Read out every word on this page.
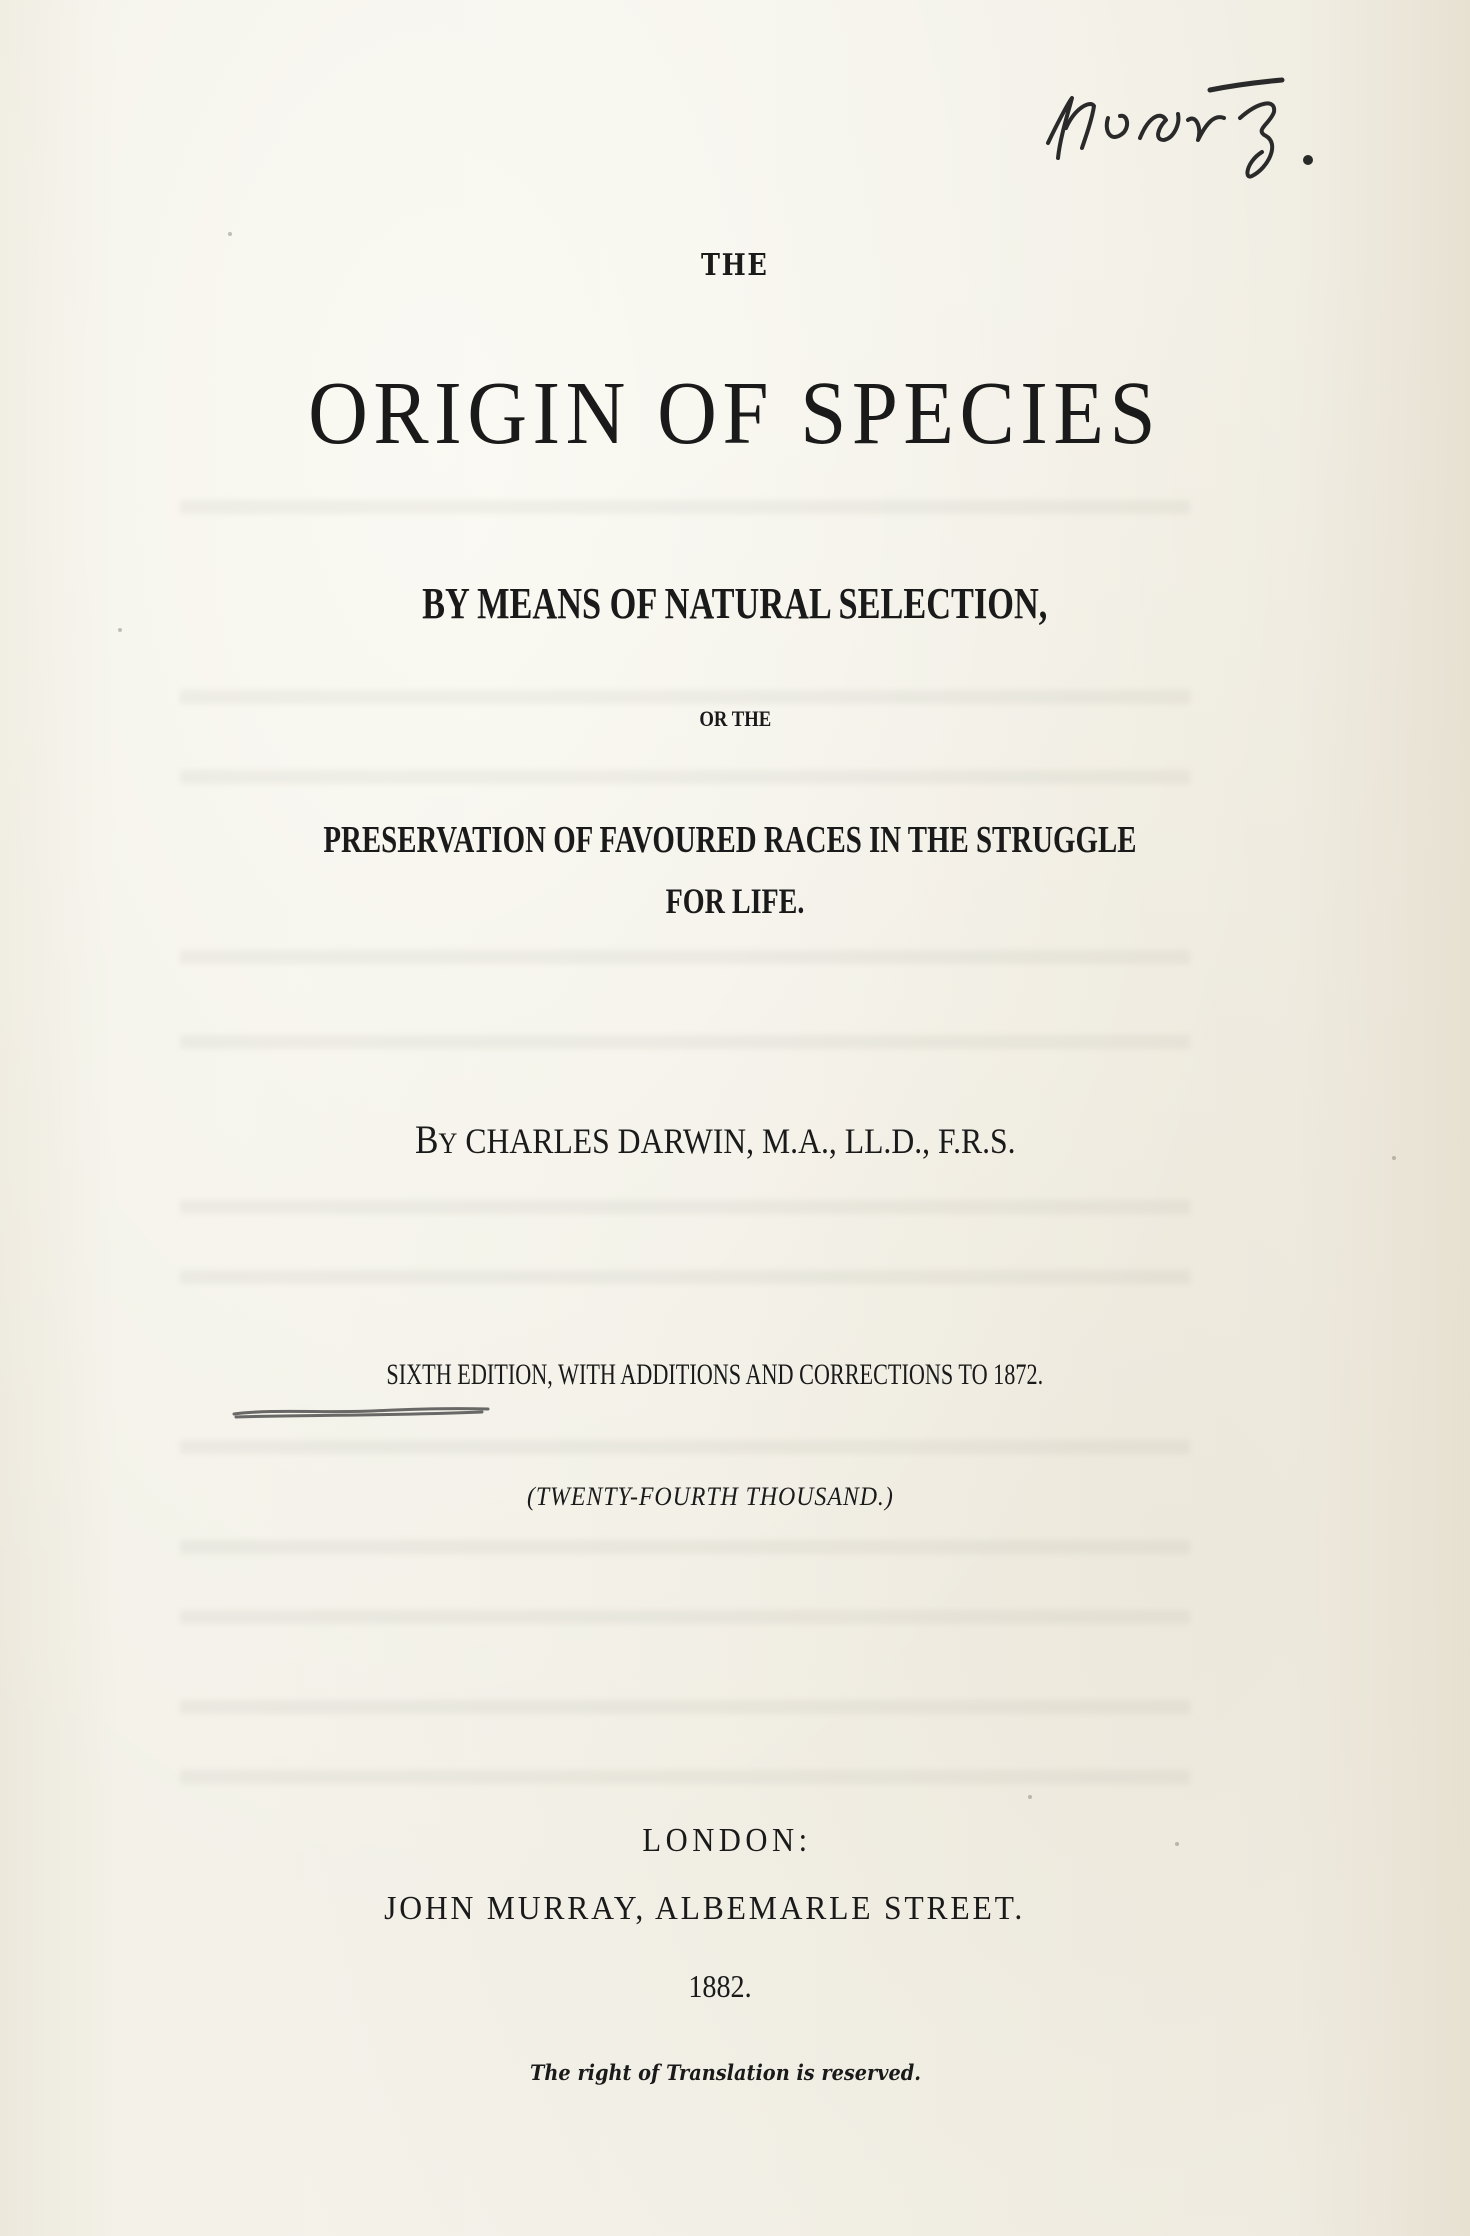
THE
ORIGIN OF SPECIES
BY MEANS OF NATURAL SELECTION,
OR THE
PRESERVATION OF FAVOURED RACES IN THE STRUGGLE
FOR LIFE.
BY CHARLES DARWIN, M.A., LL.D., F.R.S.
SIXTH EDITION, WITH ADDITIONS AND CORRECTIONS TO 1872.
(TWENTY-FOURTH THOUSAND.)
LONDON:
JOHN MURRAY, ALBEMARLE STREET.
1882.
The right of Translation is reserved.
